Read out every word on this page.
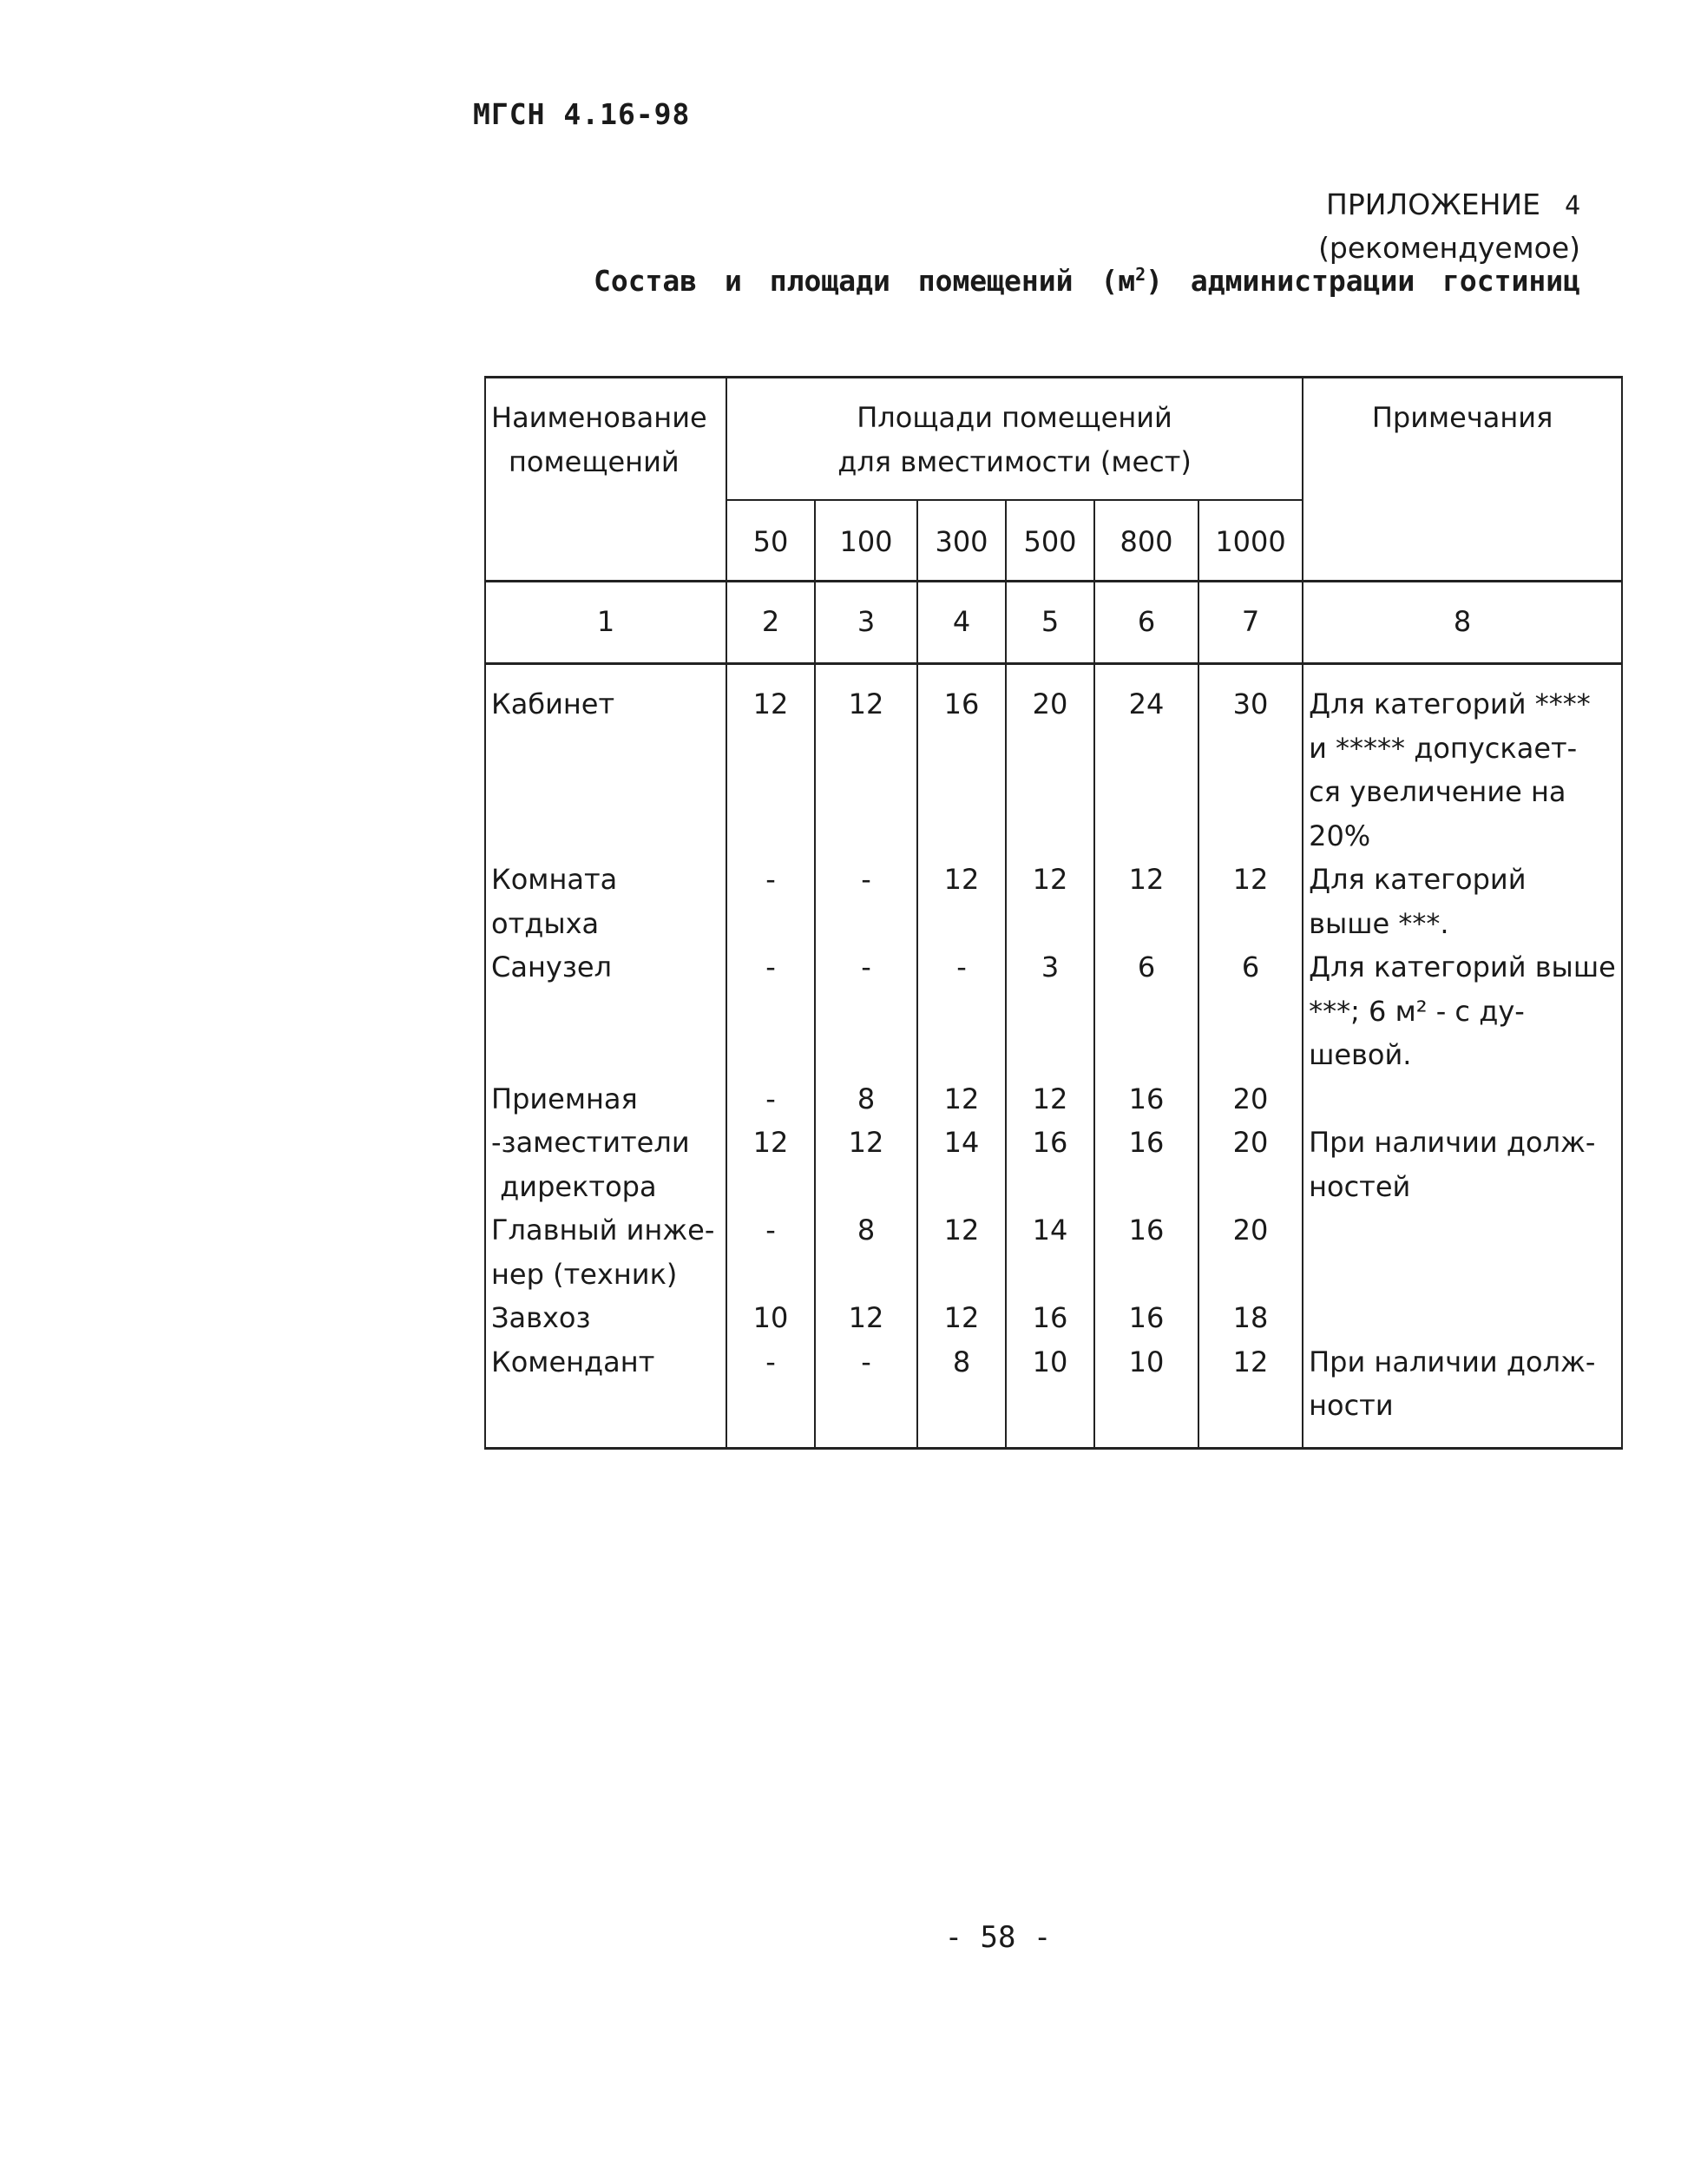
МГСН 4.16-98
ПРИЛОЖЕНИЕ 4
(рекомендуемое)
Состав и площади помещений $(м^2)$ администрации гостиниц
Наименование
помещений	Площади помещений
для вместимости (мест)						Примечания
	50	100	300	500	800	1000	
1	2	3	4	5	6	7	8

Кабинет	12	12	16	20	24	30	Для категорий ****
и ***** допускает-
ся увеличение на
20%

Комната
отдыха	-	-	12	12	12	12	Для категорий
выше ***.

Санузел	-	-	-	3	6	6	Для категорий выше
***; 6 м² - с ду-
шевой.

Приемная	-	8	12	12	16	20	

-заместители
директора	12	12	14	16	16	20	При наличии долж-
ностей

Главный инже-
нер (техник)	-	8	12	14	16	20	

Завхоз	10	12	12	16	16	18	

Комендант	-	-	8	10	10	12	При наличии долж-
ности
- 58 -
